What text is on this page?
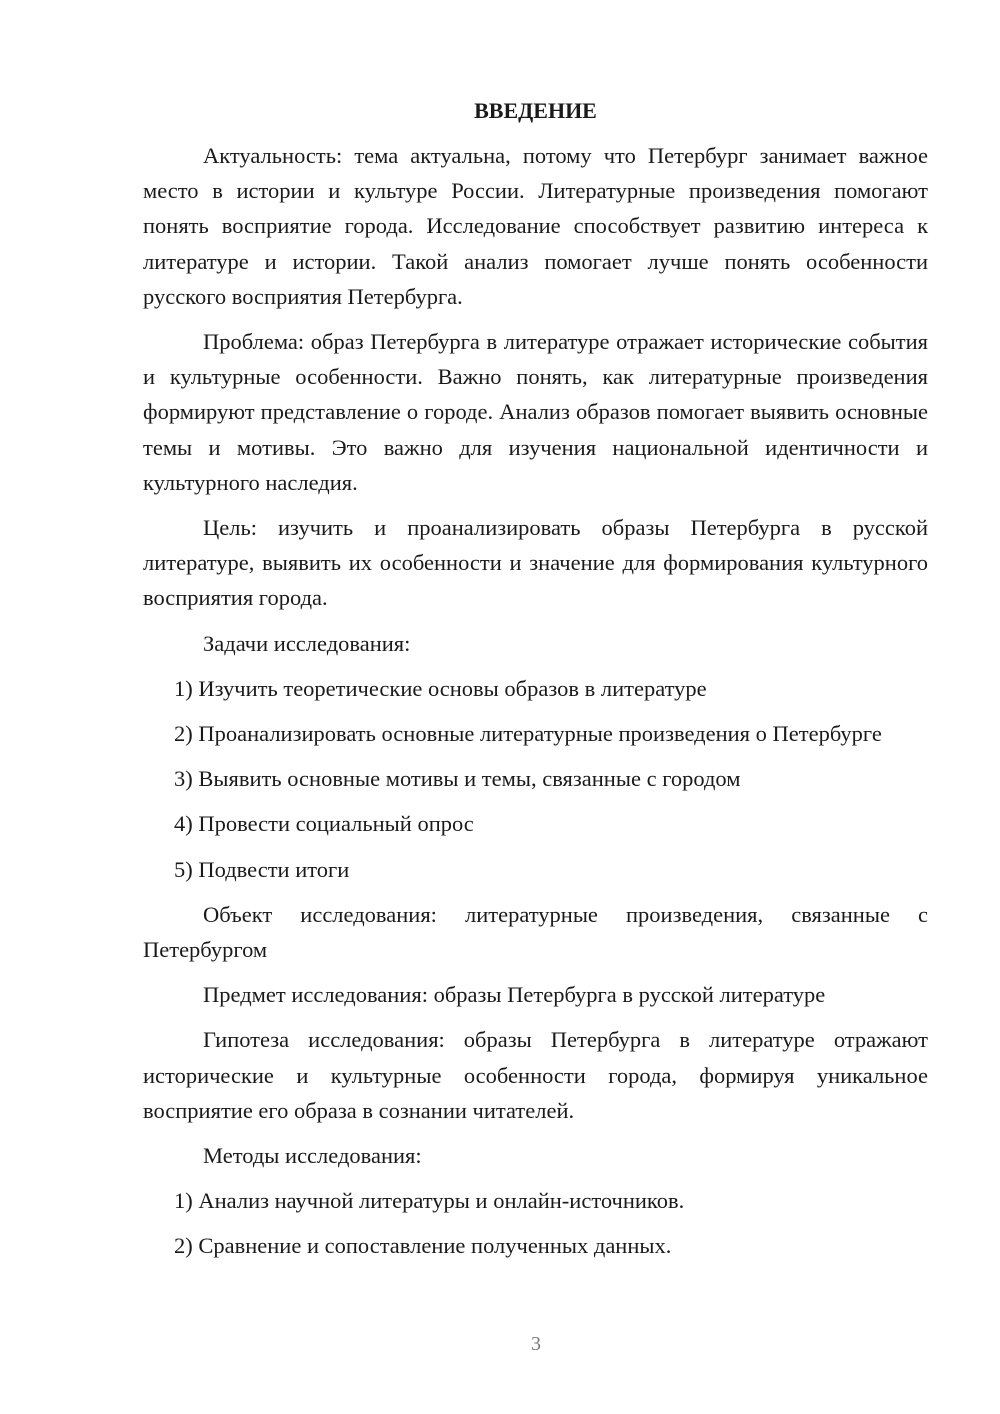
ВВЕДЕНИЕ

Актуальность: тема актуальна, потому что Петербург занимает важное место в истории и культуре России. Литературные произведения помогают понять восприятие города. Исследование способствует развитию интереса к литературе и истории. Такой анализ помогает лучше понять особенности русского восприятия Петербурга.

Проблема: образ Петербурга в литературе отражает исторические события и культурные особенности. Важно понять, как литературные произведения формируют представление о городе. Анализ образов помогает выявить основные темы и мотивы. Это важно для изучения национальной идентичности и культурного наследия.

Цель: изучить и проанализировать образы Петербурга в русской литературе, выявить их особенности и значение для формирования культурного восприятия города.

Задачи исследования:

1) Изучить теоретические основы образов в литературе

2) Проанализировать основные литературные произведения о Петербурге

3) Выявить основные мотивы и темы, связанные с городом

4) Провести социальный опрос

5) Подвести итоги

Объект исследования: литературные произведения, связанные с Петербургом

Предмет исследования: образы Петербурга в русской литературе

Гипотеза исследования: образы Петербурга в литературе отражают исторические и культурные особенности города, формируя уникальное восприятие его образа в сознании читателей.

Методы исследования:

1) Анализ научной литературы и онлайн-источников.

2) Сравнение и сопоставление полученных данных.

3
